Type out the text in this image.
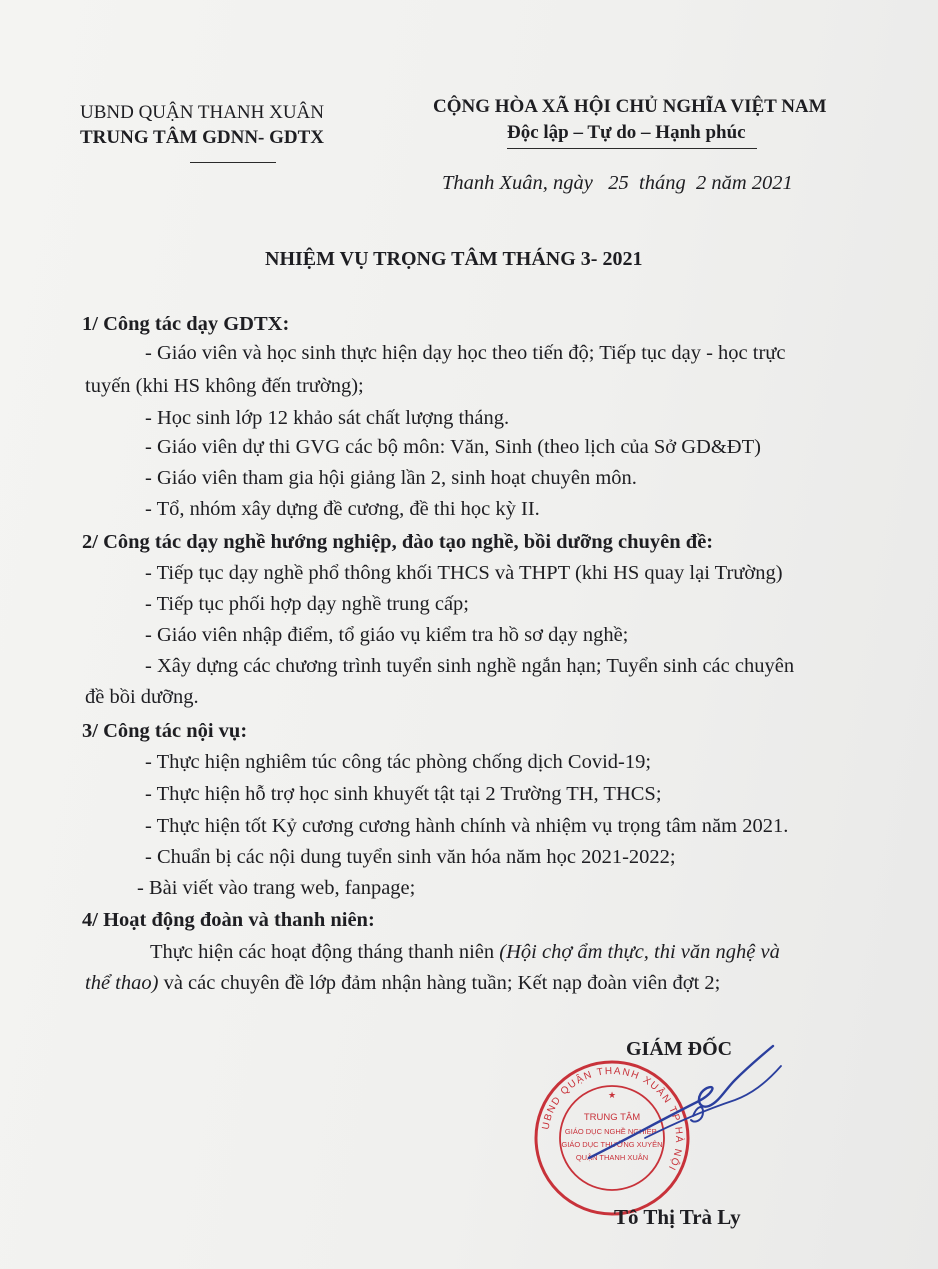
UBND QUẬN THANH XUÂN
TRUNG TÂM GDNN- GDTX
CỘNG HÒA XÃ HỘI CHỦ NGHĨA VIỆT NAM
Độc lập – Tự do – Hạnh phúc
Thanh Xuân, ngày 25 tháng 2 năm 2021
NHIỆM VỤ TRỌNG TÂM THÁNG 3- 2021
1/ Công tác dạy GDTX:
- Giáo viên và học sinh thực hiện dạy học theo tiến độ; Tiếp tục dạy - học trực
tuyến (khi HS không đến trường);
- Học sinh lớp 12 khảo sát chất lượng tháng.
- Giáo viên dự thi GVG các bộ môn: Văn, Sinh (theo lịch của Sở GD&ĐT)
- Giáo viên tham gia hội giảng lần 2, sinh hoạt chuyên môn.
- Tổ, nhóm xây dựng đề cương, đề thi học kỳ II.
2/ Công tác dạy nghề hướng nghiệp, đào tạo nghề, bồi dưỡng chuyên đề:
- Tiếp tục dạy nghề phổ thông khối THCS và THPT (khi HS quay lại Trường)
- Tiếp tục phối hợp dạy nghề trung cấp;
- Giáo viên nhập điểm, tổ giáo vụ kiểm tra hồ sơ dạy nghề;
- Xây dựng các chương trình tuyển sinh nghề ngắn hạn; Tuyển sinh các chuyên
đề bồi dưỡng.
3/ Công tác nội vụ:
- Thực hiện nghiêm túc công tác phòng chống dịch Covid-19;
- Thực hiện hỗ trợ học sinh khuyết tật tại 2 Trường TH, THCS;
- Thực hiện tốt Kỷ cương cương hành chính và nhiệm vụ trọng tâm năm 2021.
- Chuẩn bị các nội dung tuyển sinh văn hóa năm học 2021-2022;
- Bài viết vào trang web, fanpage;
4/ Hoạt động đoàn và thanh niên:
Thực hiện các hoạt động tháng thanh niên (Hội chợ ẩm thực, thi văn nghệ và
thể thao) và các chuyên đề lớp đảm nhận hàng tuần; Kết nạp đoàn viên đợt 2;
GIÁM ĐỐC
UBND QUẬN THANH XUÂN TP HÀ NỘI
TRUNG TÂM
GIÁO DỤC NGHỀ NGHIỆP-
GIÁO DỤC THƯỜNG XUYÊN
QUẬN THANH XUÂN
★
Tô Thị Trà Ly
